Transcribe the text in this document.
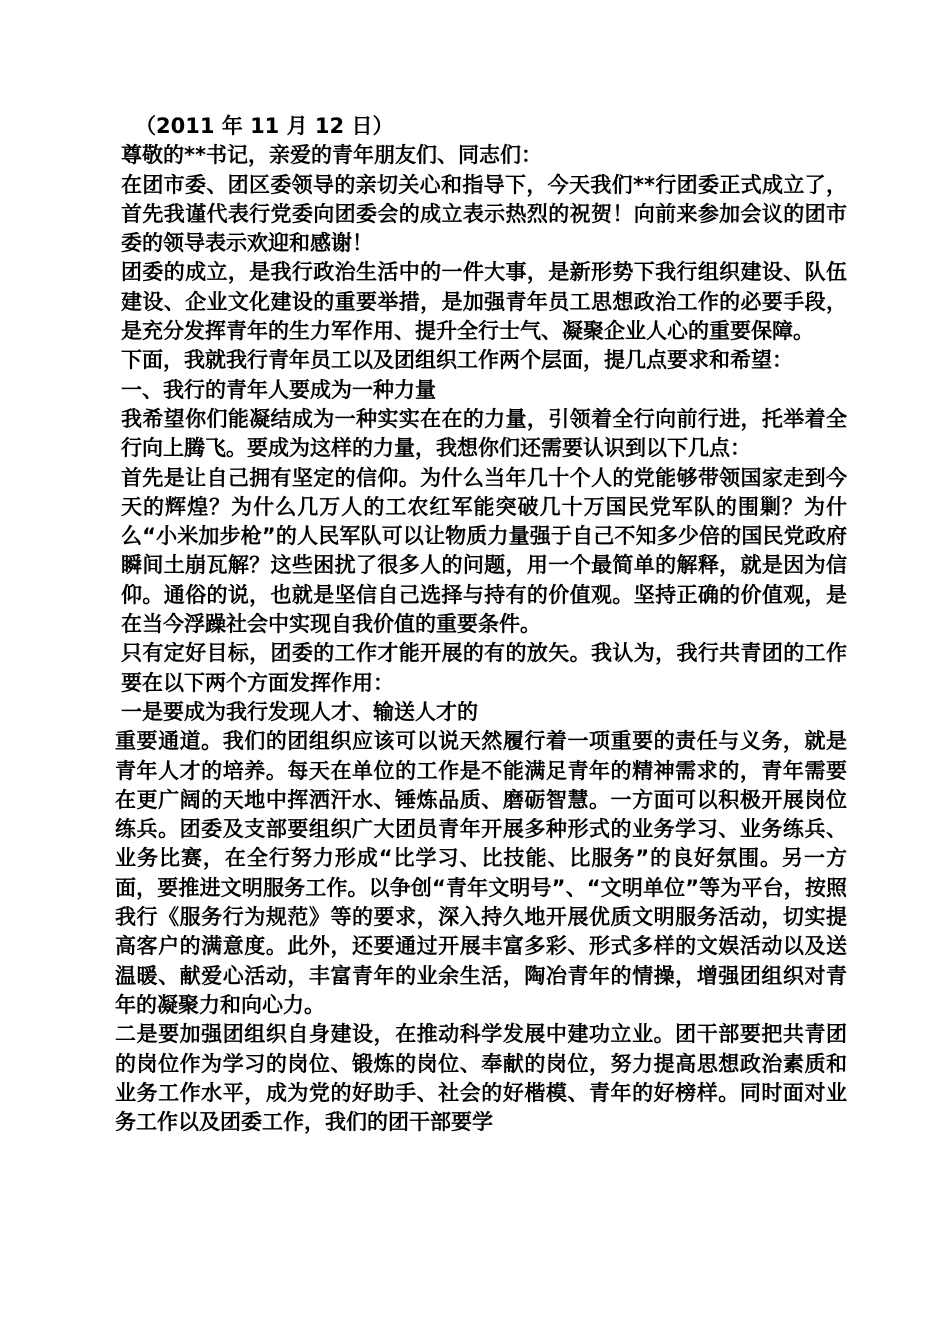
（2011 年 11 月 12 日）

尊敬的**书记，亲爱的青年朋友们、同志们：

在团市委、团区委领导的亲切关心和指导下，今天我们**行团委正式成立了，首先我谨代表行党委向团委会的成立表示热烈的祝贺！向前来参加会议的团市委的领导表示欢迎和感谢！

团委的成立，是我行政治生活中的一件大事，是新形势下我行组织建设、队伍建设、企业文化建设的重要举措，是加强青年员工思想政治工作的必要手段，是充分发挥青年的生力军作用、提升全行士气、凝聚企业人心的重要保障。

下面，我就我行青年员工以及团组织工作两个层面，提几点要求和希望：

一、我行的青年人要成为一种力量

我希望你们能凝结成为一种实实在在的力量，引领着全行向前行进，托举着全行向上腾飞。要成为这样的力量，我想你们还需要认识到以下几点：

首先是让自己拥有坚定的信仰。为什么当年几十个人的党能够带领国家走到今天的辉煌？为什么几万人的工农红军能突破几十万国民党军队的围剿？为什么“小米加步枪”的人民军队可以让物质力量强于自己不知多少倍的国民党政府瞬间土崩瓦解？这些困扰了很多人的问题，用一个最简单的解释，就是因为信仰。通俗的说，也就是坚信自己选择与持有的价值观。坚持正确的价值观，是在当今浮躁社会中实现自我价值的重要条件。

只有定好目标，团委的工作才能开展的有的放矢。我认为，我行共青团的工作要在以下两个方面发挥作用：

一是要成为我行发现人才、输送人才的

重要通道。我们的团组织应该可以说天然履行着一项重要的责任与义务，就是青年人才的培养。每天在单位的工作是不能满足青年的精神需求的，青年需要在更广阔的天地中挥洒汗水、锤炼品质、磨砺智慧。一方面可以积极开展岗位练兵。团委及支部要组织广大团员青年开展多种形式的业务学习、业务练兵、业务比赛，在全行努力形成“比学习、比技能、比服务”的良好氛围。另一方面，要推进文明服务工作。以争创“青年文明号”、“文明单位”等为平台，按照我行《服务行为规范》等的要求，深入持久地开展优质文明服务活动，切实提高客户的满意度。此外，还要通过开展丰富多彩、形式多样的文娱活动以及送温暖、献爱心活动，丰富青年的业余生活，陶冶青年的情操，增强团组织对青年的凝聚力和向心力。

二是要加强团组织自身建设，在推动科学发展中建功立业。团干部要把共青团的岗位作为学习的岗位、锻炼的岗位、奉献的岗位，努力提高思想政治素质和业务工作水平，成为党的好助手、社会的好楷模、青年的好榜样。同时面对业务工作以及团委工作，我们的团干部要学
